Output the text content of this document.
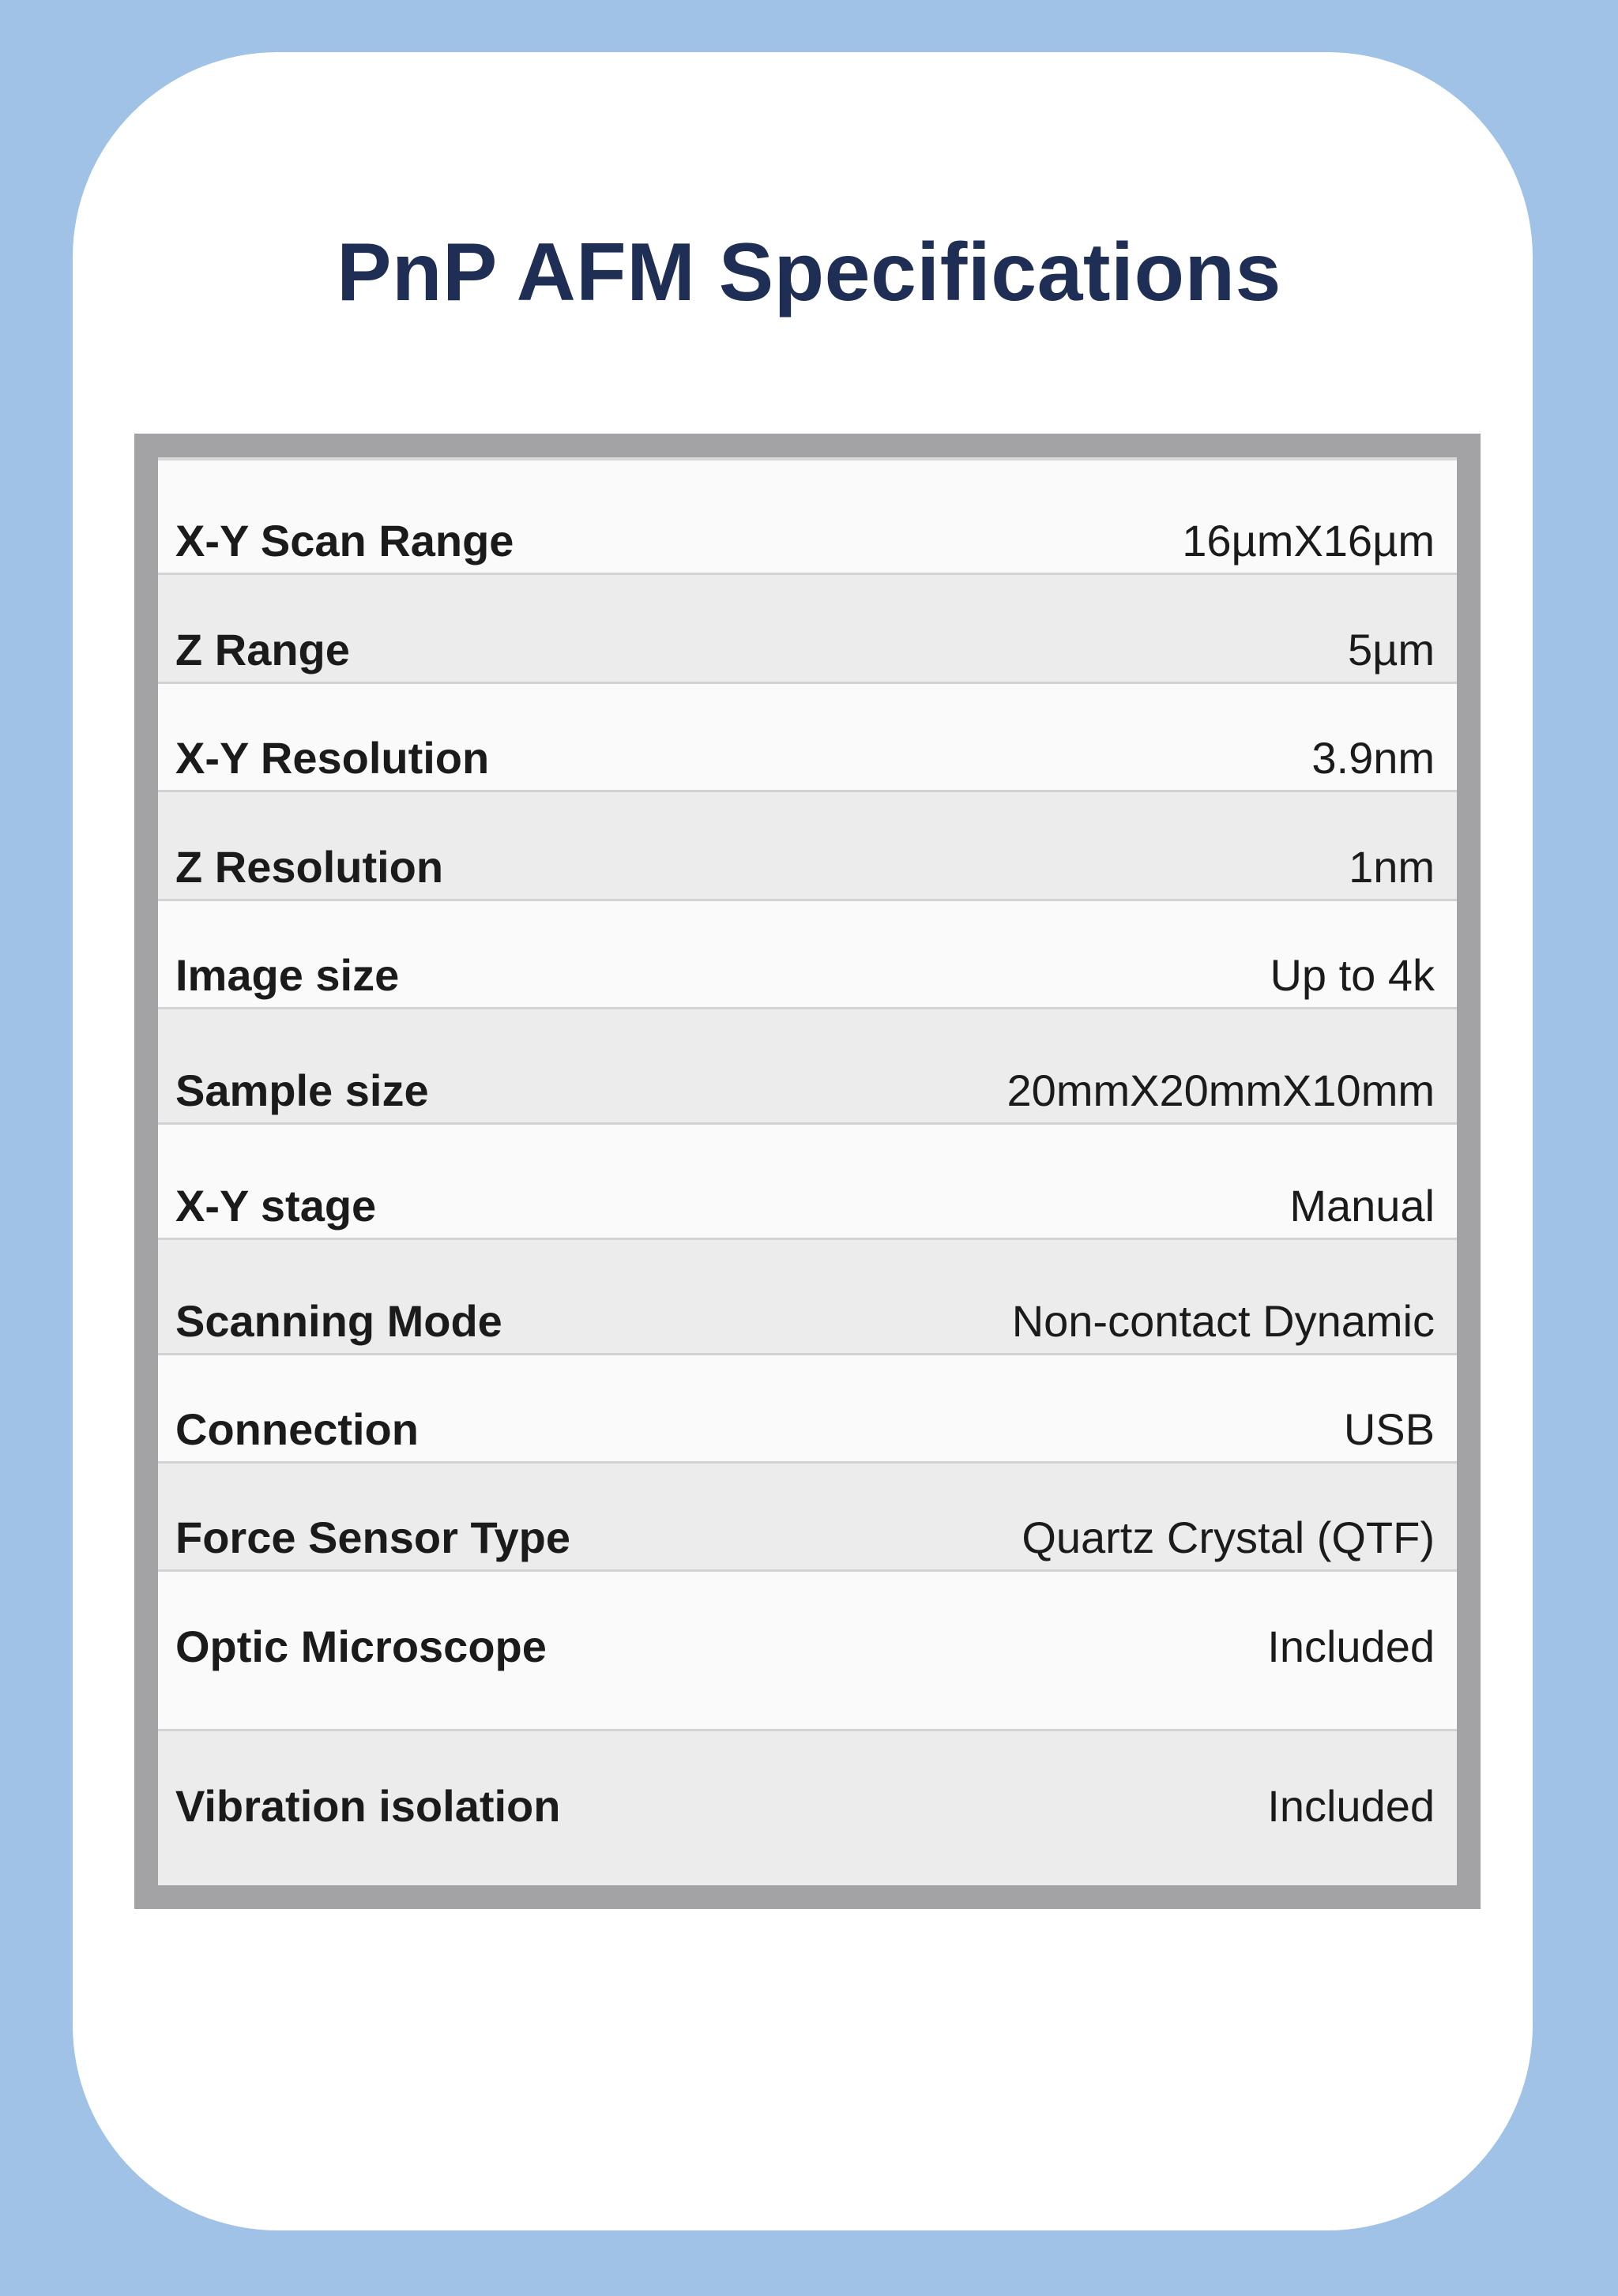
PnP AFM Specifications
X-Y Scan Range	16µmX16µm
Z Range	5µm
X-Y Resolution	3.9nm
Z Resolution	1nm
Image size	Up to 4k
Sample size	20mmX20mmX10mm
X-Y stage	Manual
Scanning Mode	Non-contact Dynamic
Connection	USB
Force Sensor Type	Quartz Crystal (QTF)
Optic Microscope	Included
Vibration isolation	Included
